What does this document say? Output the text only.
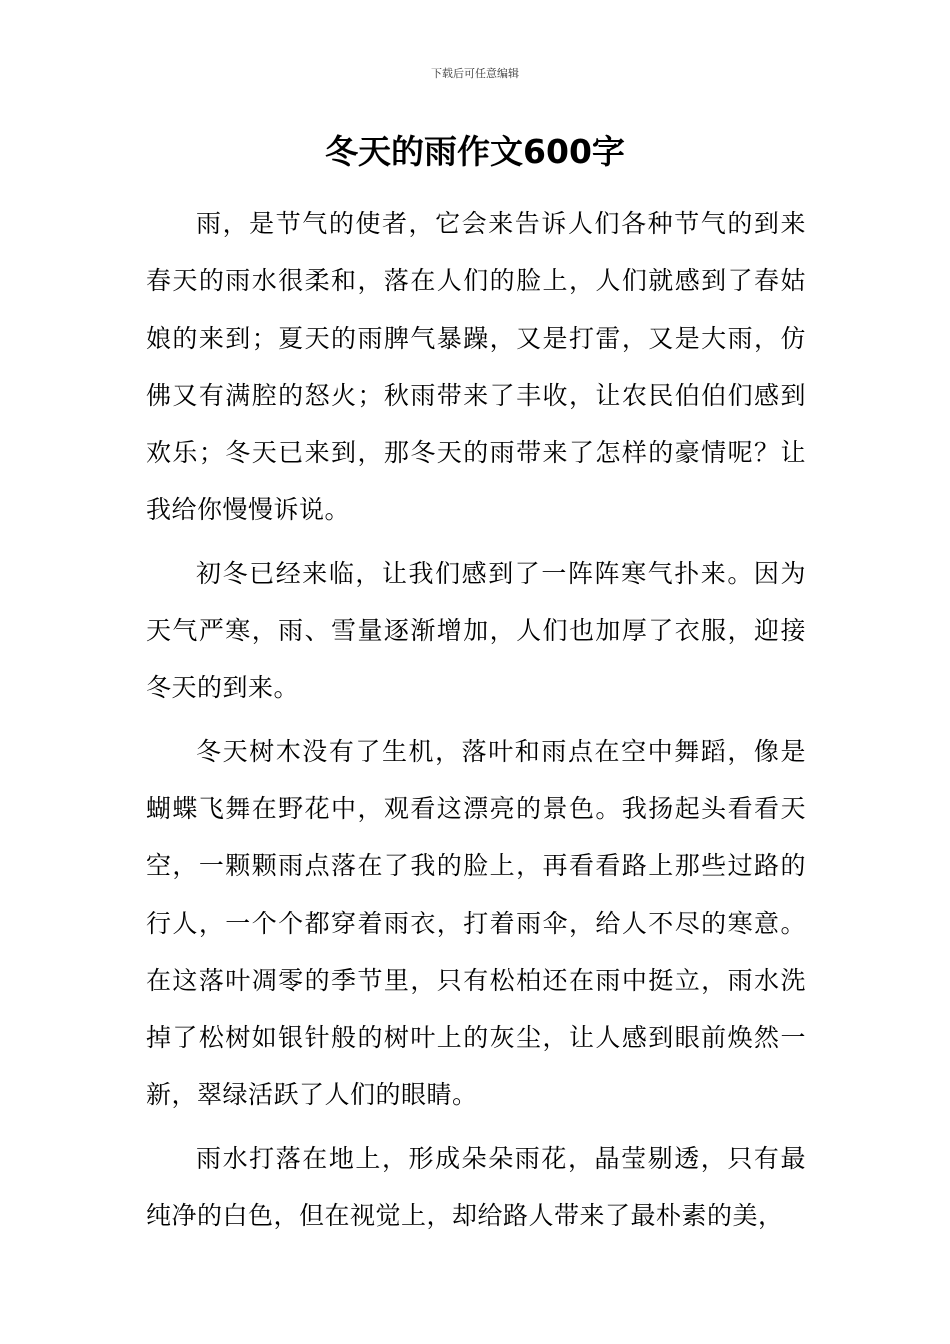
下载后可任意编辑
冬天的雨作文600字

雨，是节气的使者，它会来告诉人们各种节气的到来春天的雨水很柔和，落在人们的脸上，人们就感到了春姑娘的来到；夏天的雨脾气暴躁，又是打雷，又是大雨，仿佛又有满腔的怒火；秋雨带来了丰收，让农民伯伯们感到欢乐；冬天已来到，那冬天的雨带来了怎样的豪情呢？让我给你慢慢诉说。

初冬已经来临，让我们感到了一阵阵寒气扑来。因为天气严寒，雨、雪量逐渐增加，人们也加厚了衣服，迎接冬天的到来。

冬天树木没有了生机，落叶和雨点在空中舞蹈，像是蝴蝶飞舞在野花中，观看这漂亮的景色。我扬起头看看天空，一颗颗雨点落在了我的脸上，再看看路上那些过路的行人，一个个都穿着雨衣，打着雨伞，给人不尽的寒意。在这落叶凋零的季节里，只有松柏还在雨中挺立，雨水洗掉了松树如银针般的树叶上的灰尘，让人感到眼前焕然一新，翠绿活跃了人们的眼睛。

雨水打落在地上，形成朵朵雨花，晶莹剔透，只有最纯净的白色，但在视觉上，却给路人带来了最朴素的美，
